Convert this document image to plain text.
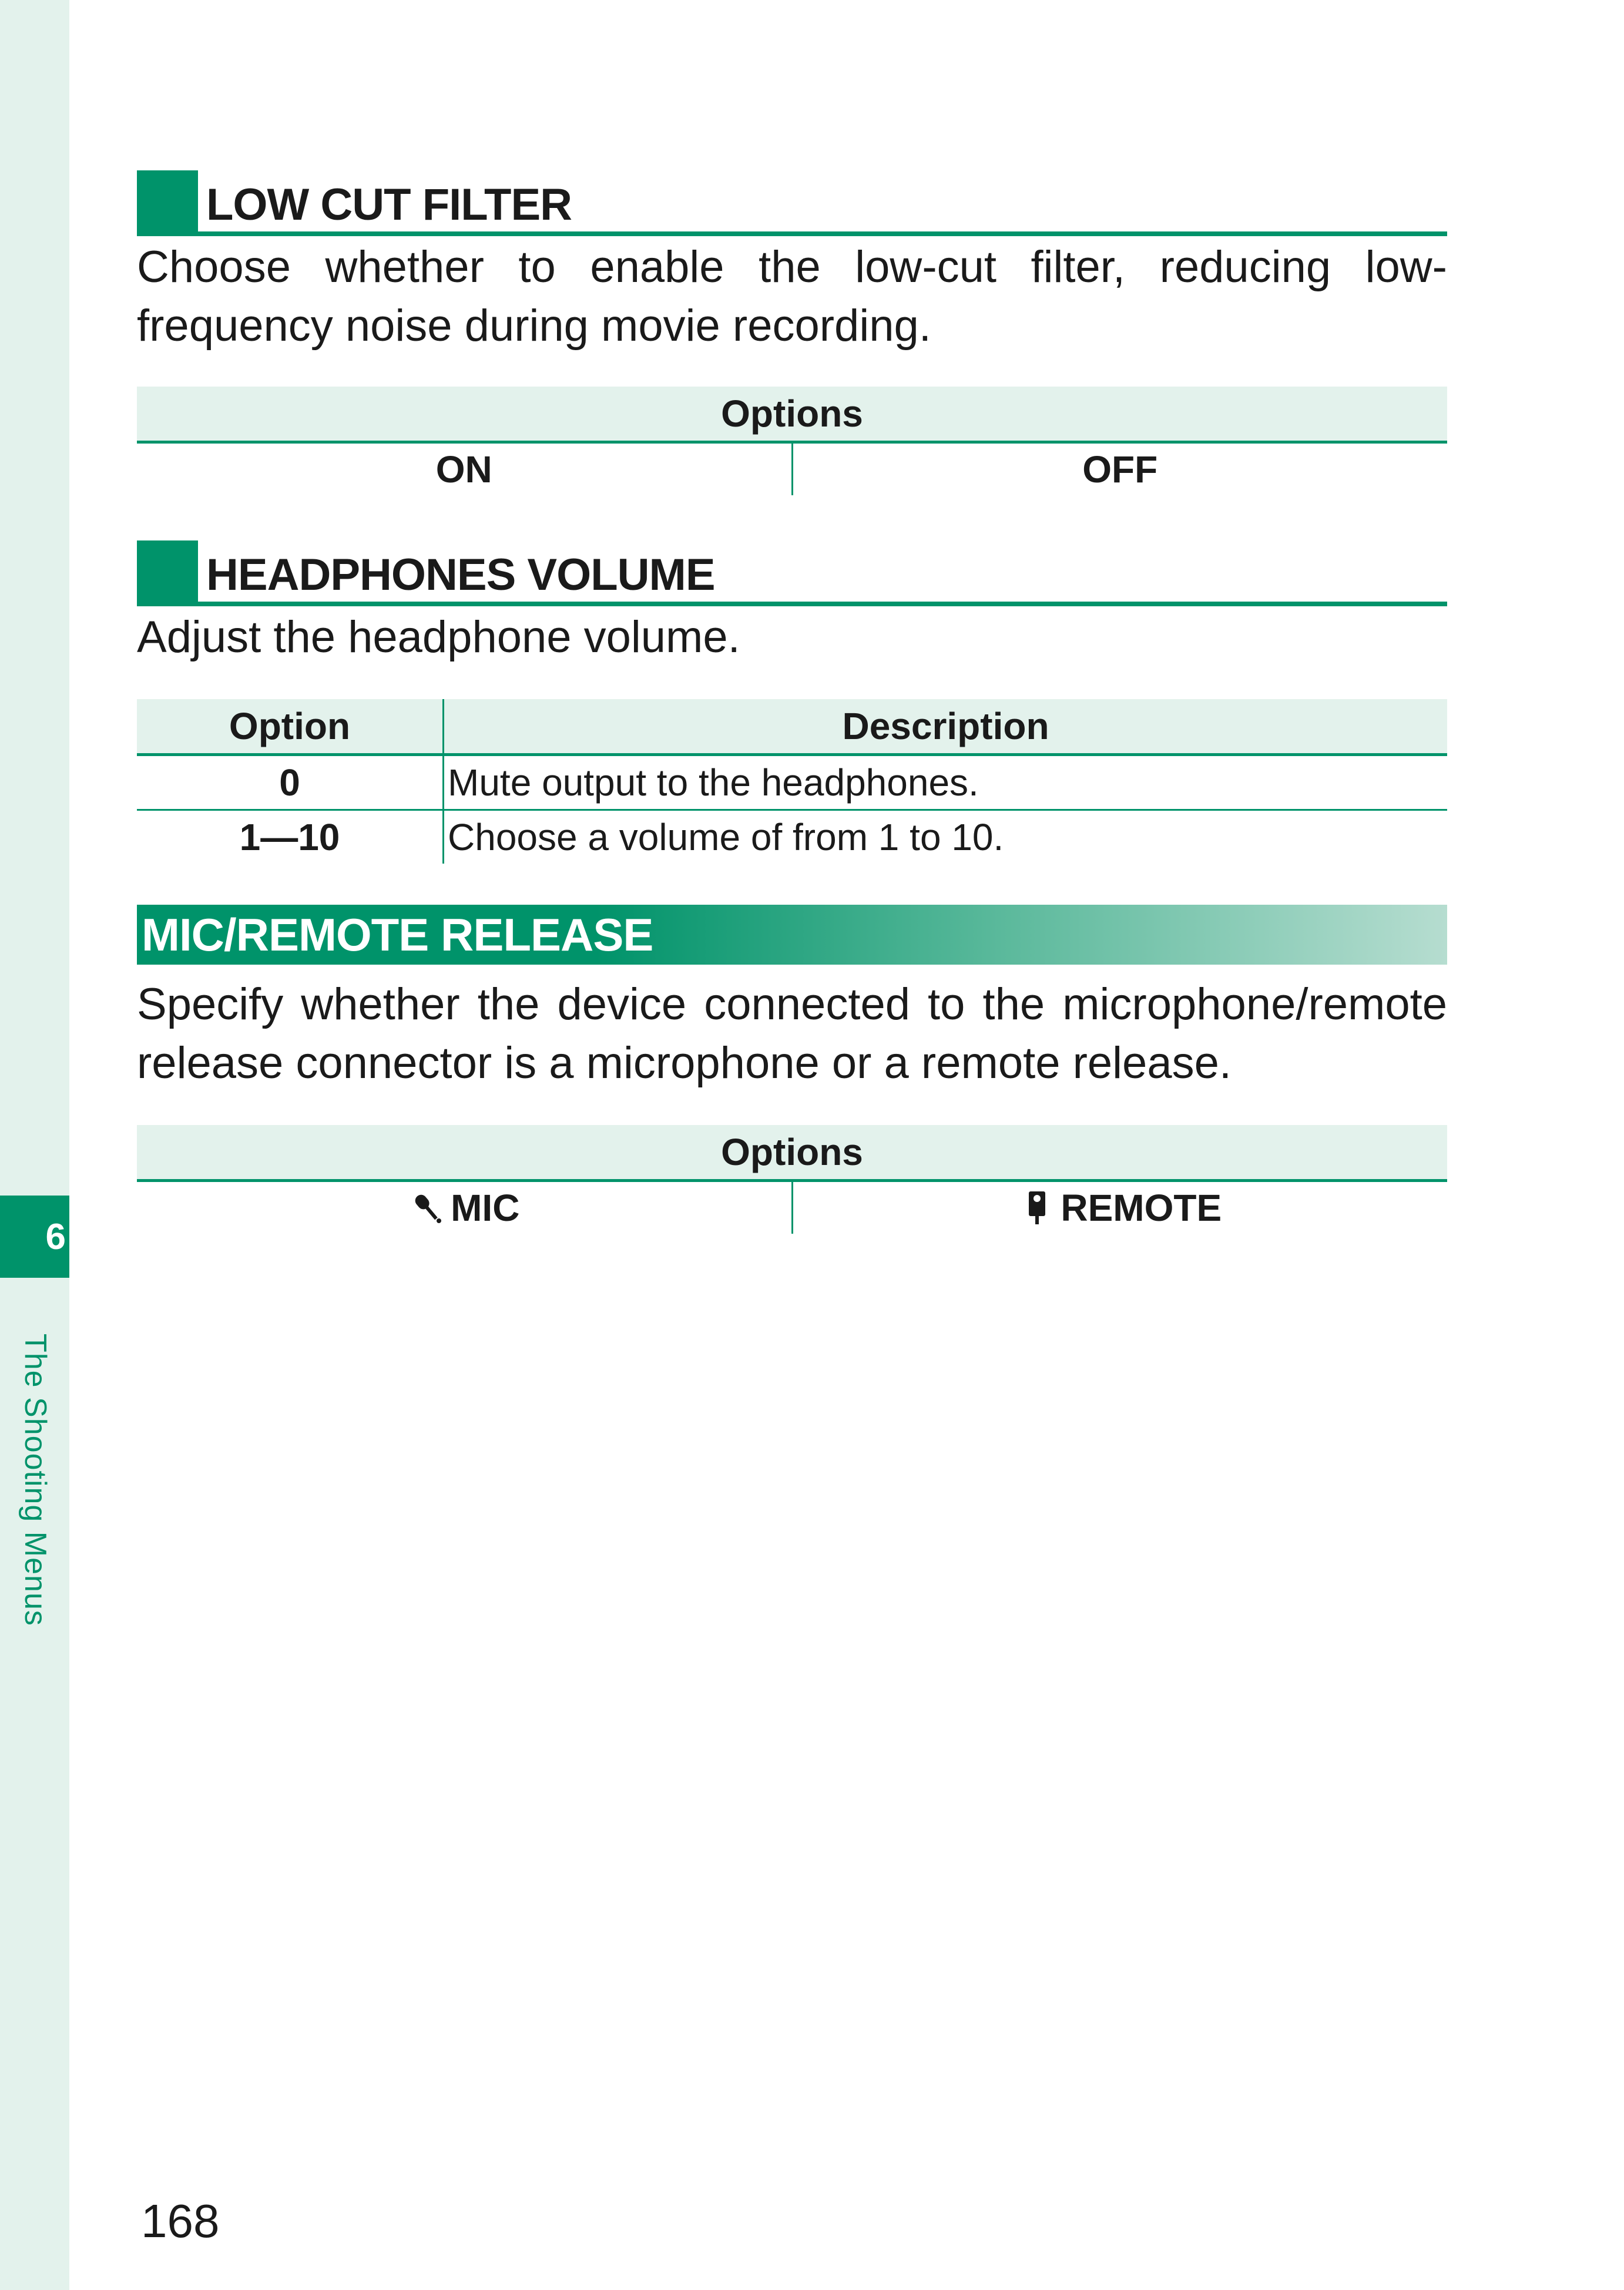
6
The Shooting Menus
LOW CUT FILTER
Choose whether to enable the low-cut filter, reducing low-frequency noise during movie recording.
Options
ON	OFF
HEADPHONES VOLUME
Adjust the headphone volume.
Option	Description
0	Mute output to the headphones.
1—10	Choose a volume of from 1 to 10.
MIC/REMOTE RELEASE
Specify whether the device connected to the microphone/remote release connector is a microphone or a remote release.
Options
MIC	REMOTE
168
